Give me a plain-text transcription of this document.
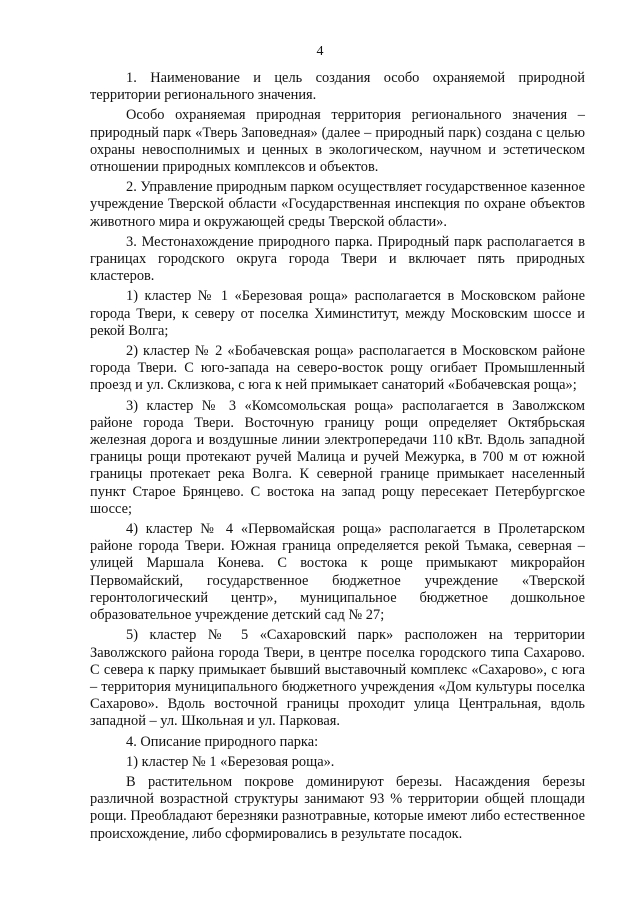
4

1. Наименование и цель создания особо охраняемой природной территории регионального значения.

Особо охраняемая природная территория регионального значения – природный парк «Тверь Заповедная» (далее – природный парк) создана с целью охраны невосполнимых и ценных в экологическом, научном и эстетическом отношении природных комплексов и объектов.

2. Управление природным парком осуществляет государственное казенное учреждение Тверской области «Государственная инспекция по охране объектов животного мира и окружающей среды Тверской области».

3. Местонахождение природного парка. Природный парк располагается в границах городского округа города Твери и включает пять природных кластеров.

1) кластер № 1 «Березовая роща» располагается в Московском районе города Твери, к северу от поселка Химинститут, между Московским шоссе и рекой Волга;

2) кластер № 2 «Бобачевская роща» располагается в Московском районе города Твери. С юго-запада на северо-восток рощу огибает Промышленный проезд и ул. Склизкова, с юга к ней примыкает санаторий «Бобачевская роща»;

3) кластер № 3 «Комсомольская роща» располагается в Заволжском районе города Твери. Восточную границу рощи определяет Октябрьская железная дорога и воздушные линии электропередачи 110 кВт. Вдоль западной границы рощи протекают ручей Малица и ручей Межурка, в 700 м от южной границы протекает река Волга. К северной границе примыкает населенный пункт Старое Брянцево. С востока на запад рощу пересекает Петербургское шоссе;

4) кластер № 4 «Первомайская роща» располагается в Пролетарском районе города Твери. Южная граница определяется рекой Тьмака, северная – улицей Маршала Конева. С востока к роще примыкают микрорайон Первомайский, государственное бюджетное учреждение «Тверской геронтологический центр», муниципальное бюджетное дошкольное образовательное учреждение детский сад № 27;

5) кластер № 5 «Сахаровский парк» расположен на территории Заволжского района города Твери, в центре поселка городского типа Сахарово. С севера к парку примыкает бывший выставочный комплекс «Сахарово», с юга – территория муниципального бюджетного учреждения «Дом культуры поселка Сахарово». Вдоль восточной границы проходит улица Центральная, вдоль западной – ул. Школьная и ул. Парковая.

4. Описание природного парка:

1) кластер № 1 «Березовая роща».

В растительном покрове доминируют березы. Насаждения березы различной возрастной структуры занимают 93 % территории общей площади рощи. Преобладают березняки разнотравные, которые имеют либо естественное происхождение, либо сформировались в результате посадок.
